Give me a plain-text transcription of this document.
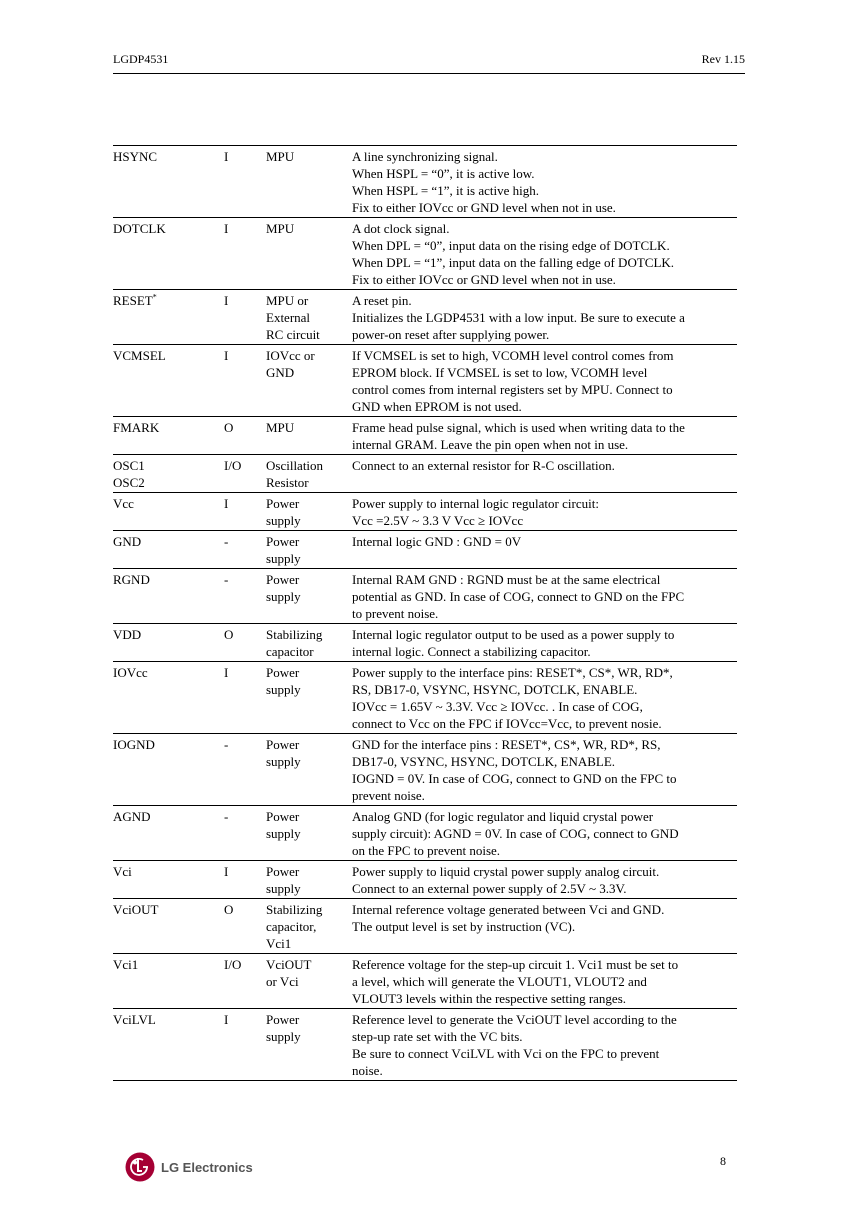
LGDP4531	Rev 1.15
HSYNC	I	MPU	A line synchronizing signal.
When HSPL = “0”, it is active low.
When HSPL = “1”, it is active high.
Fix to either IOVcc or GND level when not in use.

DOTCLK	I	MPU	A dot clock signal.
When DPL = “0”, input data on the rising edge of DOTCLK.
When DPL = “1”, input data on the falling edge of DOTCLK.
Fix to either IOVcc or GND level when not in use.

RESET*	I	MPU or
External
RC circuit	A reset pin.
Initializes the LGDP4531 with a low input. Be sure to execute a
power-on reset after supplying power.

VCMSEL	I	IOVcc or
GND	If VCMSEL is set to high, VCOMH level control comes from
EPROM block. If VCMSEL is set to low, VCOMH level
control comes from internal registers set by MPU. Connect to
GND when EPROM is not used.

FMARK	O	MPU	Frame head pulse signal, which is used when writing data to the
internal GRAM. Leave the pin open when not in use.

OSC1
OSC2	I/O	Oscillation
Resistor	Connect to an external resistor for R-C oscillation.

Vcc	I	Power
supply	Power supply to internal logic regulator circuit:
Vcc =2.5V ~ 3.3 V Vcc ≥ IOVcc

GND	-	Power
supply	Internal logic GND : GND = 0V

RGND	-	Power
supply	Internal RAM GND : RGND must be at the same electrical
potential as GND. In case of COG, connect to GND on the FPC
to prevent noise.

VDD	O	Stabilizing
capacitor	Internal logic regulator output to be used as a power supply to
internal logic. Connect a stabilizing capacitor.

IOVcc	I	Power
supply	Power supply to the interface pins: RESET*, CS*, WR, RD*,
RS, DB17-0, VSYNC, HSYNC, DOTCLK, ENABLE.
IOVcc = 1.65V ~ 3.3V. Vcc ≥ IOVcc. . In case of COG,
connect to Vcc on the FPC if IOVcc=Vcc, to prevent nosie.

IOGND	-	Power
supply	GND for the interface pins : RESET*, CS*, WR, RD*, RS,
DB17-0, VSYNC, HSYNC, DOTCLK, ENABLE.
IOGND = 0V. In case of COG, connect to GND on the FPC to
prevent noise.

AGND	-	Power
supply	Analog GND (for logic regulator and liquid crystal power
supply circuit): AGND = 0V. In case of COG, connect to GND
on the FPC to prevent noise.

Vci	I	Power
supply	Power supply to liquid crystal power supply analog circuit.
Connect to an external power supply of 2.5V ~ 3.3V.

VciOUT	O	Stabilizing
capacitor,
Vci1	Internal reference voltage generated between Vci and GND.
The output level is set by instruction (VC).

Vci1	I/O	VciOUT
or Vci	Reference voltage for the step-up circuit 1. Vci1 must be set to
a level, which will generate the VLOUT1, VLOUT2 and
VLOUT3 levels within the respective setting ranges.

VciLVL	I	Power
supply	Reference level to generate the VciOUT level according to the
step-up rate set with the VC bits.
Be sure to connect VciLVL with Vci on the FPC to prevent
noise.
LG Electronics	8
